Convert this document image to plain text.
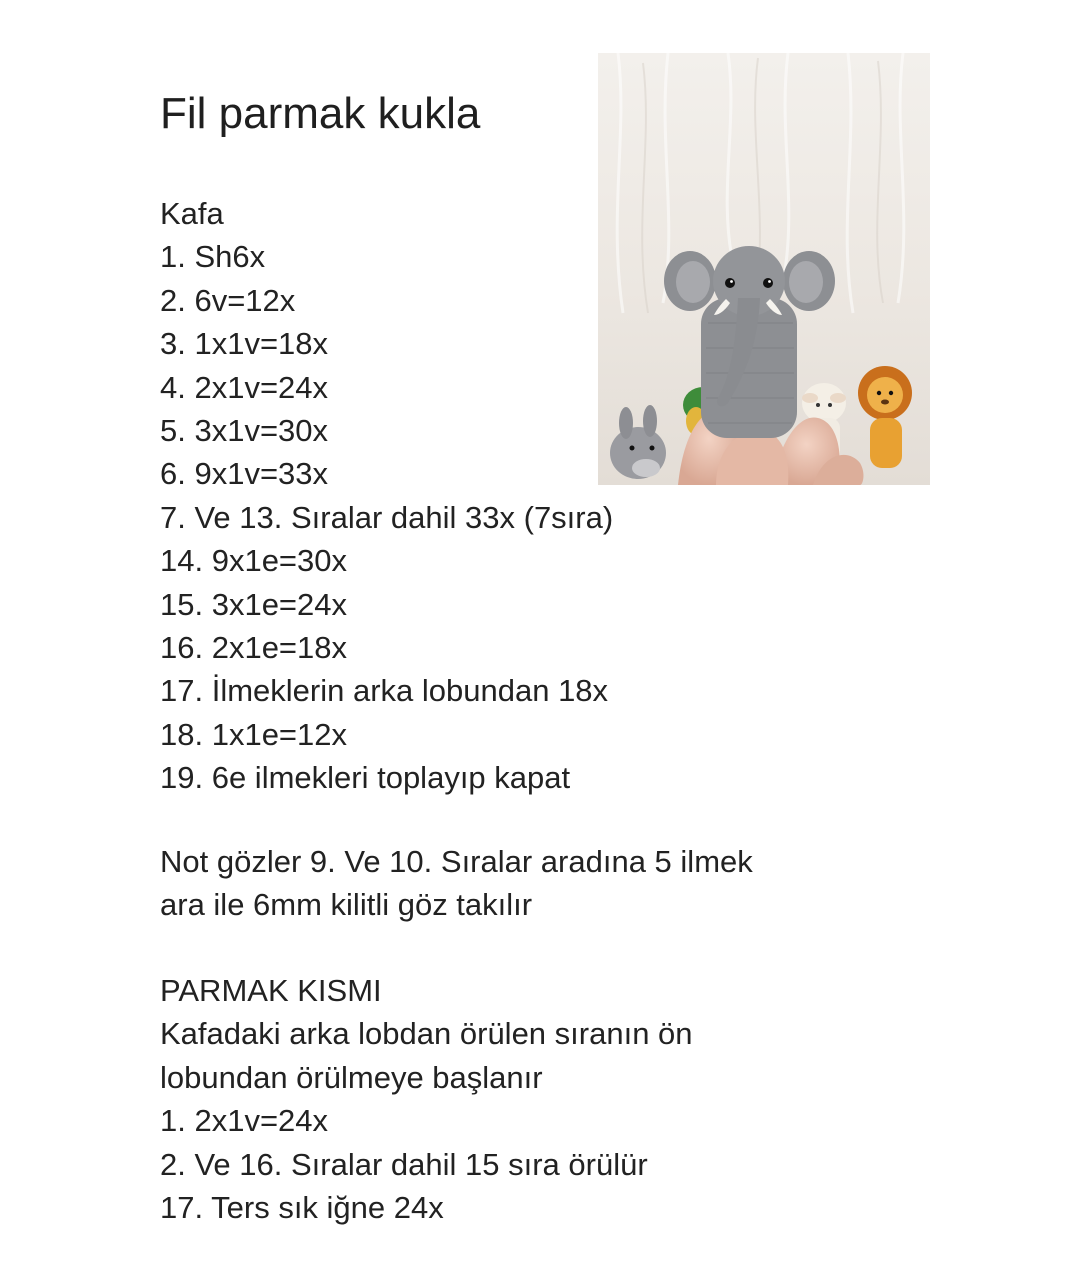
Fil parmak kukla
Kafa
1. Sh6x
2. 6v=12x
3. 1x1v=18x
4. 2x1v=24x
5. 3x1v=30x
6. 9x1v=33x
7. Ve 13. Sıralar dahil 33x (7sıra)
14. 9x1e=30x
15. 3x1e=24x
16. 2x1e=18x
17. İlmeklerin arka lobundan 18x
18. 1x1e=12x
19. 6e ilmekleri toplayıp kapat
Not gözler 9. Ve 10. Sıralar aradına 5 ilmek
ara ile 6mm kilitli göz takılır
PARMAK KISMI
Kafadaki arka lobdan örülen sıranın ön
lobundan örülmeye başlanır
1. 2x1v=24x
2. Ve 16. Sıralar dahil 15 sıra örülür
17. Ters sık iğne 24x
